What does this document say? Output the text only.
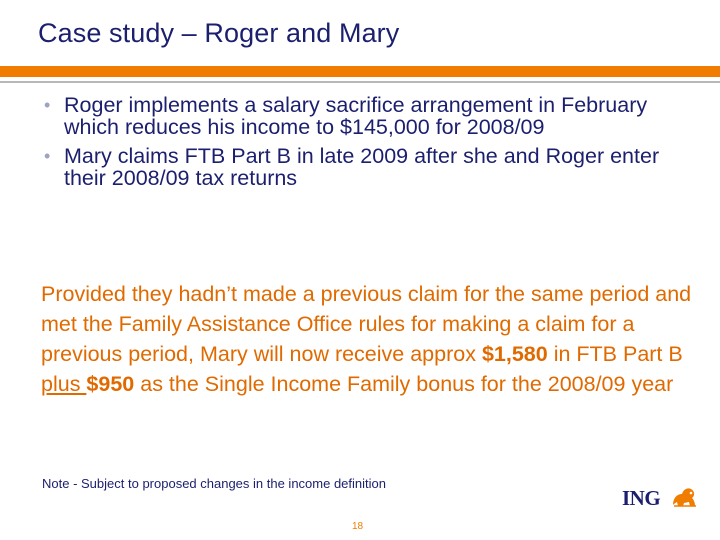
Case study – Roger and Mary
• Roger implements a salary sacrifice arrangement in February which reduces his income to $145,000 for 2008/09
• Mary claims FTB Part B in late 2009 after she and Roger enter their 2008/09 tax returns
Provided they hadn’t made a previous claim for the same period and met the Family Assistance Office rules for making a claim for a previous period, Mary will now receive approx $1,580 in FTB Part B plus $950 as the Single Income Family bonus for the 2008/09 year
Note - Subject to proposed changes in the income definition
ING
18
